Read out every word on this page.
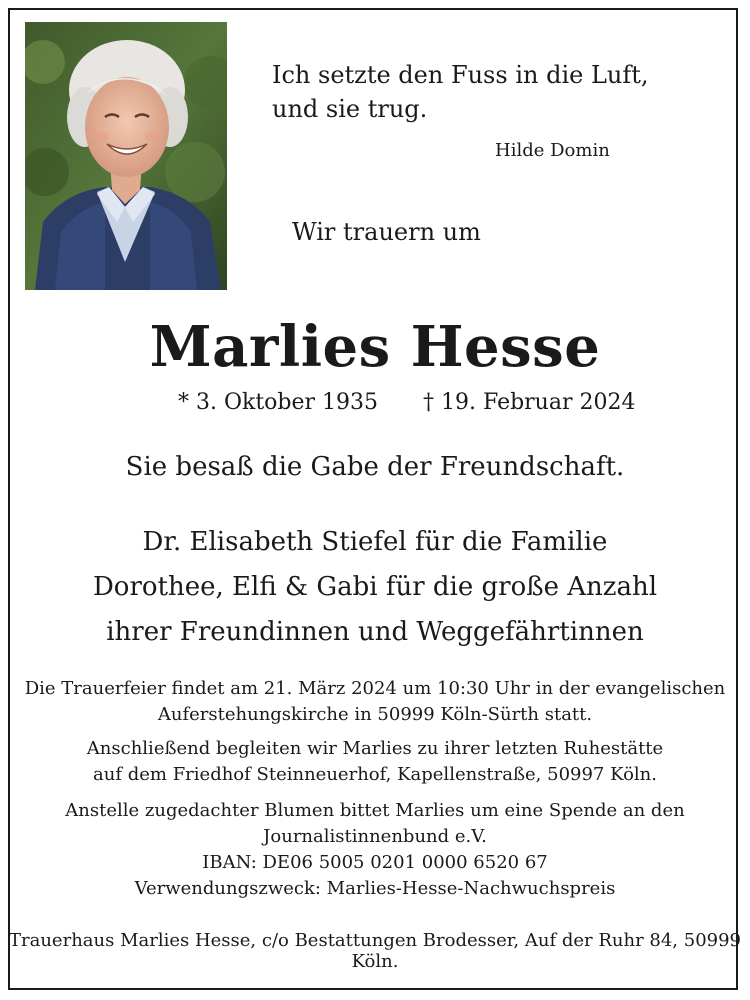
Ich setzte den Fuss in die Luft,
und sie trug.

Hilde Domin
Wir trauern um
Marlies Hesse
* 3. Oktober 1935 † 19. Februar 2024
Sie besaß die Gabe der Freundschaft.
Dr. Elisabeth Stiefel für die Familie
Dorothee, Elfi & Gabi für die große Anzahl
ihrer Freundinnen und Weggefährtinnen
Die Trauerfeier findet am 21. März 2024 um 10:30 Uhr in der evangelischen
Auferstehungskirche in 50999 Köln-Sürth statt.
Anschließend begleiten wir Marlies zu ihrer letzten Ruhestätte
auf dem Friedhof Steinneuerhof, Kapellenstraße, 50997 Köln.
Anstelle zugedachter Blumen bittet Marlies um eine Spende an den
Journalistinnenbund e.V.
IBAN: DE06 5005 0201 0000 6520 67
Verwendungszweck: Marlies-Hesse-Nachwuchspreis
Trauerhaus Marlies Hesse, c/o Bestattungen Brodesser, Auf der Ruhr 84, 50999 Köln.
